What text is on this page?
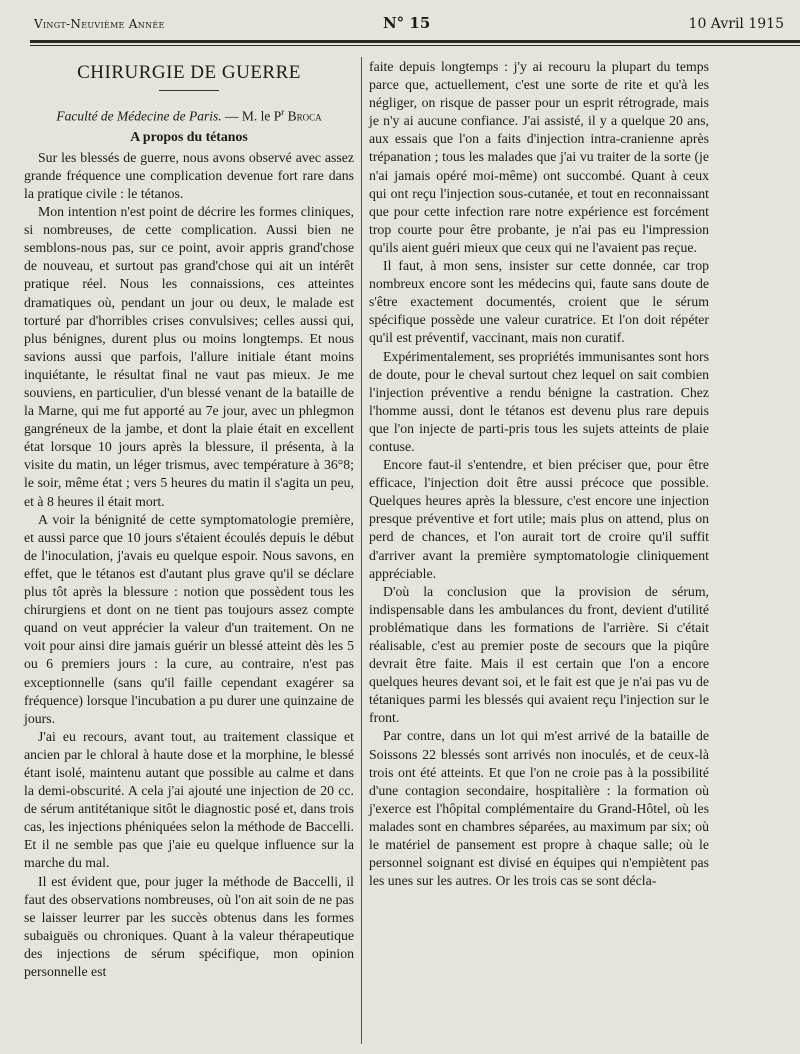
Vingt-Neuvième Année	N° 15	10 Avril 1915
CHIRURGIE DE GUERRE
Faculté de Médecine de Paris. — M. le $P^r$ Broca
A propos du tétanos

Sur les blessés de guerre, nous avons observé avec assez grande fréquence une complication devenue fort rare dans la pratique civile : le tétanos.

Mon intention n'est point de décrire les formes cliniques, si nombreuses, de cette complication. Aussi bien ne semblons-nous pas, sur ce point, avoir appris grand'chose de nouveau, et surtout pas grand'chose qui ait un intérêt pratique réel. Nous les connaissions, ces atteintes dramatiques où, pendant un jour ou deux, le malade est torturé par d'horribles crises convulsives; celles aussi qui, plus bénignes, durent plus ou moins longtemps. Et nous savions aussi que parfois, l'allure initiale étant moins inquiétante, le résultat final ne vaut pas mieux. Je me souviens, en particulier, d'un blessé venant de la bataille de la Marne, qui me fut apporté au 7e jour, avec un phlegmon gangréneux de la jambe, et dont la plaie était en excellent état lorsque 10 jours après la blessure, il présenta, à la visite du matin, un léger trismus, avec température à 36°8; le soir, même état ; vers 5 heures du matin il s'agita un peu, et à 8 heures il était mort.

A voir la bénignité de cette symptomatologie première, et aussi parce que 10 jours s'étaient écoulés depuis le début de l'inoculation, j'avais eu quelque espoir. Nous savons, en effet, que le tétanos est d'autant plus grave qu'il se déclare plus tôt après la blessure : notion que possèdent tous les chirurgiens et dont on ne tient pas toujours assez compte quand on veut apprécier la valeur d'un traitement. On ne voit pour ainsi dire jamais guérir un blessé atteint dès les 5 ou 6 premiers jours : la cure, au contraire, n'est pas exceptionnelle (sans qu'il faille cependant exagérer sa fréquence) lorsque l'incubation a pu durer une quinzaine de jours.

J'ai eu recours, avant tout, au traitement classique et ancien par le chloral à haute dose et la morphine, le blessé étant isolé, maintenu autant que possible au calme et dans la demi-obscurité. A cela j'ai ajouté une injection de 20 cc. de sérum antitétanique sitôt le diagnostic posé et, dans trois cas, les injections phéniquées selon la méthode de Baccelli. Et il ne semble pas que j'aie eu quelque influence sur la marche du mal.

Il est évident que, pour juger la méthode de Baccelli, il faut des observations nombreuses, où l'on ait soin de ne pas se laisser leurrer par les succès obtenus dans les formes subaiguës ou chroniques. Quant à la valeur thérapeutique des injections de sérum spécifique, mon opinion personnelle est

faite depuis longtemps : j'y ai recouru la plupart du temps parce que, actuellement, c'est une sorte de rite et qu'à les négliger, on risque de passer pour un esprit rétrograde, mais je n'y ai aucune confiance. J'ai assisté, il y a quelque 20 ans, aux essais que l'on a faits d'injection intra-cranienne après trépanation ; tous les malades que j'ai vu traiter de la sorte (je n'ai jamais opéré moi-même) ont succombé. Quant à ceux qui ont reçu l'injection sous-cutanée, et tout en reconnaissant que pour cette infection rare notre expérience est forcément trop courte pour être probante, je n'ai pas eu l'impression qu'ils aient guéri mieux que ceux qui ne l'avaient pas reçue.

Il faut, à mon sens, insister sur cette donnée, car trop nombreux encore sont les médecins qui, faute sans doute de s'être exactement documentés, croient que le sérum spécifique possède une valeur curatrice. Et l'on doit répéter qu'il est préventif, vaccinant, mais non curatif.

Expérimentalement, ses propriétés immunisantes sont hors de doute, pour le cheval surtout chez lequel on sait combien l'injection préventive a rendu bénigne la castration. Chez l'homme aussi, dont le tétanos est devenu plus rare depuis que l'on injecte de parti-pris tous les sujets atteints de plaie contuse.

Encore faut-il s'entendre, et bien préciser que, pour être efficace, l'injection doit être aussi précoce que possible. Quelques heures après la blessure, c'est encore une injection presque préventive et fort utile; mais plus on attend, plus on perd de chances, et l'on aurait tort de croire qu'il suffit d'arriver avant la première symptomatologie cliniquement appréciable.

D'où la conclusion que la provision de sérum, indispensable dans les ambulances du front, devient d'utilité problématique dans les formations de l'arrière. Si c'était réalisable, c'est au premier poste de secours que la piqûre devrait être faite. Mais il est certain que l'on a encore quelques heures devant soi, et le fait est que je n'ai pas vu de tétaniques parmi les blessés qui avaient reçu l'injection sur le front.

Par contre, dans un lot qui m'est arrivé de la bataille de Soissons 22 blessés sont arrivés non inoculés, et de ceux-là trois ont été atteints. Et que l'on ne croie pas à la possibilité d'une contagion secondaire, hospitalière : la formation où j'exerce est l'hôpital complémentaire du Grand-Hôtel, où les malades sont en chambres séparées, au maximum par six; où le matériel de pansement est propre à chaque salle; où le personnel soignant est divisé en équipes qui n'empiètent pas les unes sur les autres. Or les trois cas se sont décla-
